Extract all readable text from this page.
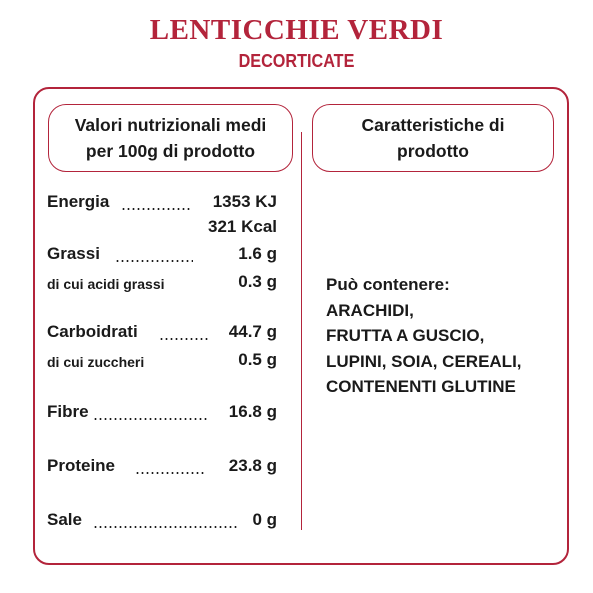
LENTICCHIE VERDI
DECORTICATE
Valori nutrizionali medi
per 100g di prodotto
Caratteristiche di
prodotto
Energia	1353 KJ
321 Kcal
Grassi	1.6 g
di cui acidi grassi	0.3 g
Carboidrati	44.7 g
di cui zuccheri	0.5 g
Fibre	16.8 g
Proteine	23.8 g
Sale	0 g
Può contenere:
ARACHIDI,
FRUTTA A GUSCIO,
LUPINI, SOIA, CEREALI,
CONTENENTI GLUTINE
